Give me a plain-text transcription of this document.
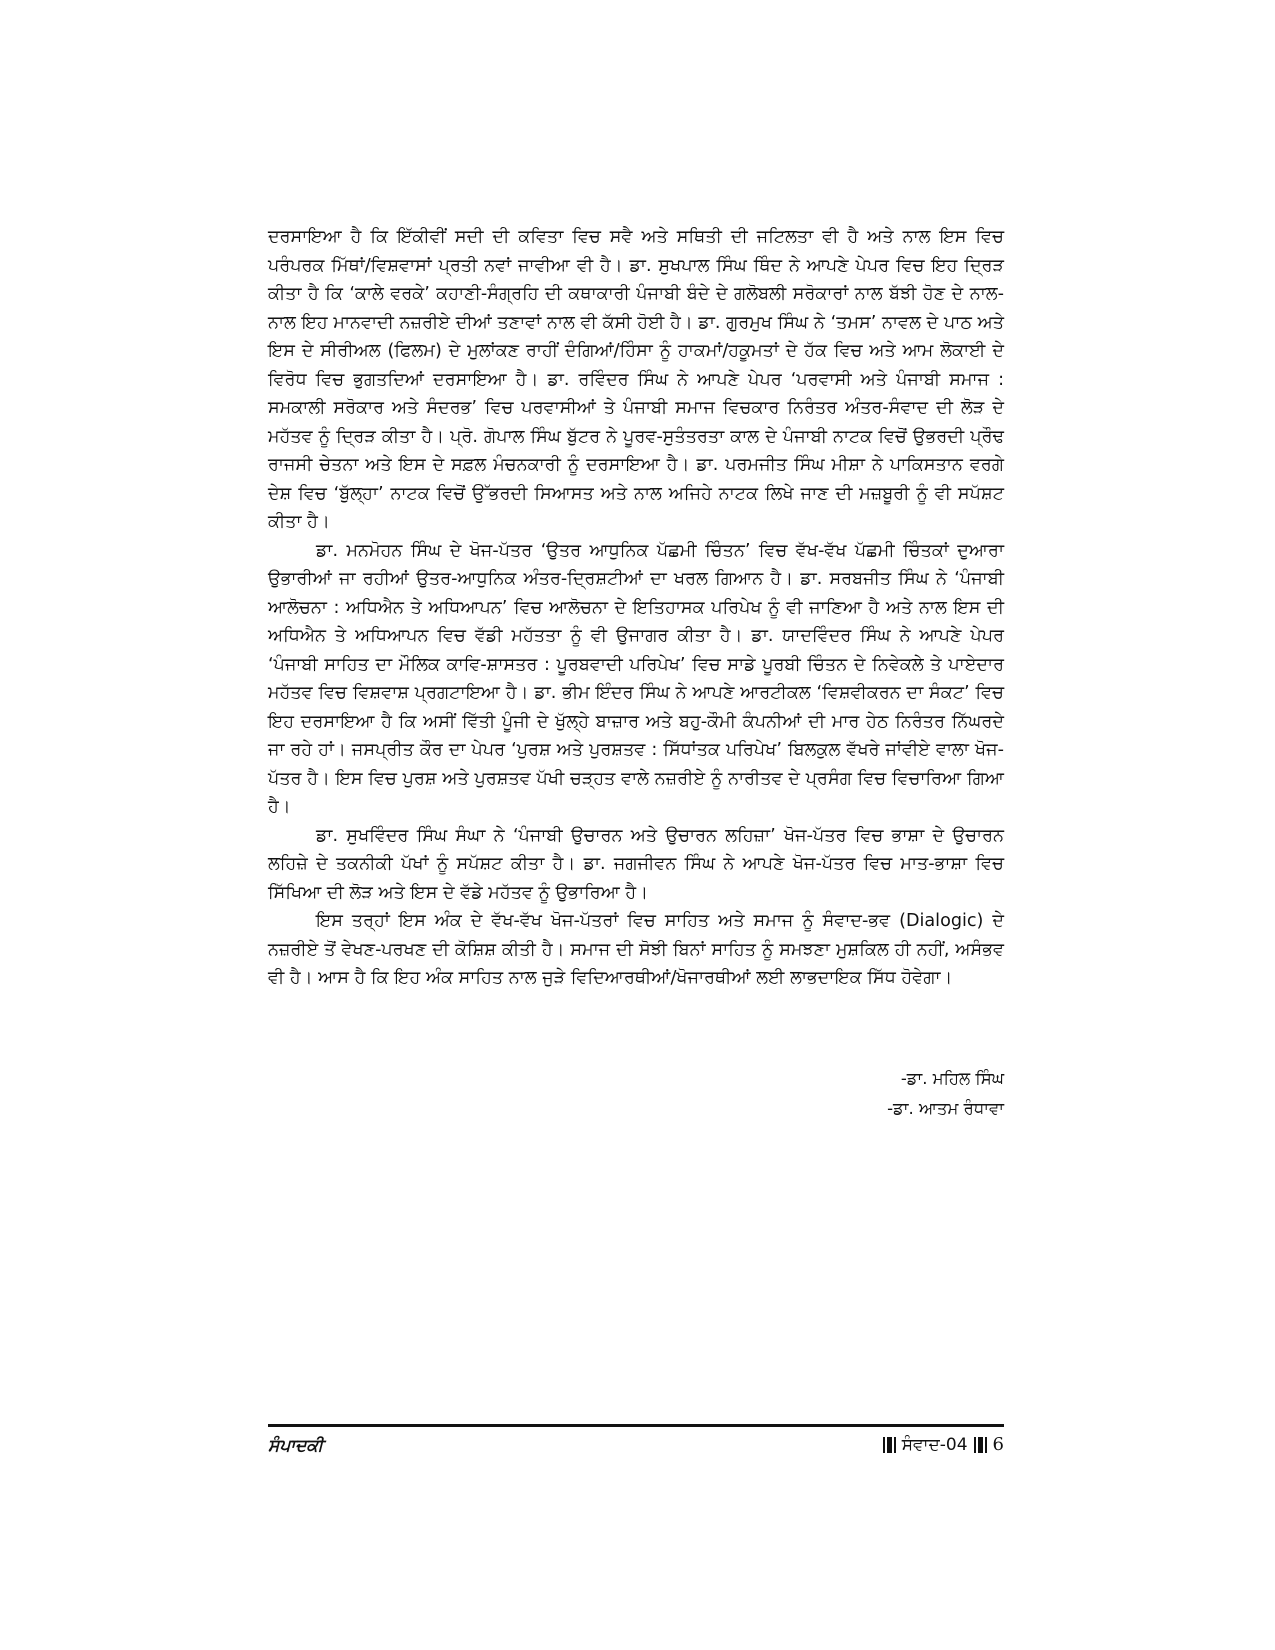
ਦਰਸਾਇਆ ਹੈ ਕਿ ਇੱਕੀਵੀਂ ਸਦੀ ਦੀ ਕਵਿਤਾ ਵਿਚ ਸਵੈ ਅਤੇ ਸਥਿਤੀ ਦੀ ਜਟਿਲਤਾ ਵੀ ਹੈ ਅਤੇ ਨਾਲ ਇਸ ਵਿਚ ਪਰੰਪਰਕ ਮਿੱਥਾਂ/ਵਿਸ਼ਵਾਸਾਂ ਪ੍ਰਤੀ ਨਵਾਂ ਜਾਵੀਆ ਵੀ ਹੈ। ਡਾ. ਸੁਖਪਾਲ ਸਿੰਘ ਥਿੰਦ ਨੇ ਆਪਣੇ ਪੇਪਰ ਵਿਚ ਇਹ ਦ੍ਰਿੜ ਕੀਤਾ ਹੈ ਕਿ ‘ਕਾਲੇ ਵਰਕੇ’ ਕਹਾਣੀ-ਸੰਗ੍ਰਹਿ ਦੀ ਕਥਾਕਾਰੀ ਪੰਜਾਬੀ ਬੰਦੇ ਦੇ ਗਲੋਬਲੀ ਸਰੋਕਾਰਾਂ ਨਾਲ ਬੱਝੀ ਹੋਣ ਦੇ ਨਾਲ-ਨਾਲ ਇਹ ਮਾਨਵਾਦੀ ਨਜ਼ਰੀਏ ਦੀਆਂ ਤਣਾਵਾਂ ਨਾਲ ਵੀ ਕੱਸੀ ਹੋਈ ਹੈ। ਡਾ. ਗੁਰਮੁਖ ਸਿੰਘ ਨੇ ‘ਤਮਸ’ ਨਾਵਲ ਦੇ ਪਾਠ ਅਤੇ ਇਸ ਦੇ ਸੀਰੀਅਲ (ਫਿਲਮ) ਦੇ ਮੁਲਾਂਕਣ ਰਾਹੀਂ ਦੰਗਿਆਂ/ਹਿੰਸਾ ਨੂੰ ਹਾਕਮਾਂ/ਹਕੂਮਤਾਂ ਦੇ ਹੱਕ ਵਿਚ ਅਤੇ ਆਮ ਲੋਕਾਈ ਦੇ ਵਿਰੋਧ ਵਿਚ ਭੁਗਤਦਿਆਂ ਦਰਸਾਇਆ ਹੈ। ਡਾ. ਰਵਿੰਦਰ ਸਿੰਘ ਨੇ ਆਪਣੇ ਪੇਪਰ ‘ਪਰਵਾਸੀ ਅਤੇ ਪੰਜਾਬੀ ਸਮਾਜ : ਸਮਕਾਲੀ ਸਰੋਕਾਰ ਅਤੇ ਸੰਦਰਭ’ ਵਿਚ ਪਰਵਾਸੀਆਂ ਤੇ ਪੰਜਾਬੀ ਸਮਾਜ ਵਿਚਕਾਰ ਨਿਰੰਤਰ ਅੰਤਰ-ਸੰਵਾਦ ਦੀ ਲੋੜ ਦੇ ਮਹੱਤਵ ਨੂੰ ਦ੍ਰਿੜ ਕੀਤਾ ਹੈ। ਪ੍ਰੋ. ਗੋਪਾਲ ਸਿੰਘ ਬੁੱਟਰ ਨੇ ਪੂਰਵ-ਸੁਤੰਤਰਤਾ ਕਾਲ ਦੇ ਪੰਜਾਬੀ ਨਾਟਕ ਵਿਚੋਂ ਉਭਰਦੀ ਪ੍ਰੌਢ ਰਾਜਸੀ ਚੇਤਨਾ ਅਤੇ ਇਸ ਦੇ ਸਫ਼ਲ ਮੰਚਨਕਾਰੀ ਨੂੰ ਦਰਸਾਇਆ ਹੈ। ਡਾ. ਪਰਮਜੀਤ ਸਿੰਘ ਮੀਸ਼ਾ ਨੇ ਪਾਕਿਸਤਾਨ ਵਰਗੇ ਦੇਸ਼ ਵਿਚ ‘ਬੁੱਲ੍ਹਾ’ ਨਾਟਕ ਵਿਚੋਂ ਉੱਭਰਦੀ ਸਿਆਸਤ ਅਤੇ ਨਾਲ ਅਜਿਹੇ ਨਾਟਕ ਲਿਖੇ ਜਾਣ ਦੀ ਮਜ਼ਬੂਰੀ ਨੂੰ ਵੀ ਸਪੱਸ਼ਟ ਕੀਤਾ ਹੈ।

ਡਾ. ਮਨਮੋਹਨ ਸਿੰਘ ਦੇ ਖੋਜ-ਪੱਤਰ ‘ਉਤਰ ਆਧੁਨਿਕ ਪੱਛਮੀ ਚਿੰਤਨ’ ਵਿਚ ਵੱਖ-ਵੱਖ ਪੱਛਮੀ ਚਿੰਤਕਾਂ ਦੁਆਰਾ ਉਭਾਰੀਆਂ ਜਾ ਰਹੀਆਂ ਉਤਰ-ਆਧੁਨਿਕ ਅੰਤਰ-ਦ੍ਰਿਸ਼ਟੀਆਂ ਦਾ ਖਰਲ ਗਿਆਨ ਹੈ। ਡਾ. ਸਰਬਜੀਤ ਸਿੰਘ ਨੇ ‘ਪੰਜਾਬੀ ਆਲੋਚਨਾ : ਅਧਿਐਨ ਤੇ ਅਧਿਆਪਨ’ ਵਿਚ ਆਲੋਚਨਾ ਦੇ ਇਤਿਹਾਸਕ ਪਰਿਪੇਖ ਨੂੰ ਵੀ ਜਾਣਿਆ ਹੈ ਅਤੇ ਨਾਲ ਇਸ ਦੀ ਅਧਿਐਨ ਤੇ ਅਧਿਆਪਨ ਵਿਚ ਵੱਡੀ ਮਹੱਤਤਾ ਨੂੰ ਵੀ ਉਜਾਗਰ ਕੀਤਾ ਹੈ। ਡਾ. ਯਾਦਵਿੰਦਰ ਸਿੰਘ ਨੇ ਆਪਣੇ ਪੇਪਰ ‘ਪੰਜਾਬੀ ਸਾਹਿਤ ਦਾ ਮੌਲਿਕ ਕਾਵਿ-ਸ਼ਾਸਤਰ : ਪੂਰਬਵਾਦੀ ਪਰਿਪੇਖ’ ਵਿਚ ਸਾਡੇ ਪੂਰਬੀ ਚਿੰਤਨ ਦੇ ਨਿਵੇਕਲੇ ਤੇ ਪਾਏਦਾਰ ਮਹੱਤਵ ਵਿਚ ਵਿਸ਼ਵਾਸ਼ ਪ੍ਰਗਟਾਇਆ ਹੈ। ਡਾ. ਭੀਮ ਇੰਦਰ ਸਿੰਘ ਨੇ ਆਪਣੇ ਆਰਟੀਕਲ ‘ਵਿਸ਼ਵੀਕਰਨ ਦਾ ਸੰਕਟ’ ਵਿਚ ਇਹ ਦਰਸਾਇਆ ਹੈ ਕਿ ਅਸੀਂ ਵਿੱਤੀ ਪੂੰਜੀ ਦੇ ਖੁੱਲ੍ਹੇ ਬਾਜ਼ਾਰ ਅਤੇ ਬਹੁ-ਕੌਮੀ ਕੰਪਨੀਆਂ ਦੀ ਮਾਰ ਹੇਠ ਨਿਰੰਤਰ ਨਿੱਘਰਦੇ ਜਾ ਰਹੇ ਹਾਂ। ਜਸਪ੍ਰੀਤ ਕੌਰ ਦਾ ਪੇਪਰ ‘ਪੁਰਸ਼ ਅਤੇ ਪੁਰਸ਼ਤਵ : ਸਿੱਧਾਂਤਕ ਪਰਿਪੇਖ’ ਬਿਲਕੁਲ ਵੱਖਰੇ ਜਾਂਵੀਏ ਵਾਲਾ ਖੋਜ-ਪੱਤਰ ਹੈ। ਇਸ ਵਿਚ ਪੁਰਸ਼ ਅਤੇ ਪੁਰਸ਼ਤਵ ਪੱਖੀ ਚੜ੍ਹਤ ਵਾਲੇ ਨਜ਼ਰੀਏ ਨੂੰ ਨਾਰੀਤਵ ਦੇ ਪ੍ਰਸੰਗ ਵਿਚ ਵਿਚਾਰਿਆ ਗਿਆ ਹੈ।

ਡਾ. ਸੁਖਵਿੰਦਰ ਸਿੰਘ ਸੰਘਾ ਨੇ ‘ਪੰਜਾਬੀ ਉਚਾਰਨ ਅਤੇ ਉਚਾਰਨ ਲਹਿਜ਼ਾ’ ਖੋਜ-ਪੱਤਰ ਵਿਚ ਭਾਸ਼ਾ ਦੇ ਉਚਾਰਨ ਲਹਿਜ਼ੇ ਦੇ ਤਕਨੀਕੀ ਪੱਖਾਂ ਨੂੰ ਸਪੱਸ਼ਟ ਕੀਤਾ ਹੈ। ਡਾ. ਜਗਜੀਵਨ ਸਿੰਘ ਨੇ ਆਪਣੇ ਖੋਜ-ਪੱਤਰ ਵਿਚ ਮਾਤ-ਭਾਸ਼ਾ ਵਿਚ ਸਿੱਖਿਆ ਦੀ ਲੋੜ ਅਤੇ ਇਸ ਦੇ ਵੱਡੇ ਮਹੱਤਵ ਨੂੰ ਉਭਾਰਿਆ ਹੈ।

ਇਸ ਤਰ੍ਹਾਂ ਇਸ ਅੰਕ ਦੇ ਵੱਖ-ਵੱਖ ਖੋਜ-ਪੱਤਰਾਂ ਵਿਚ ਸਾਹਿਤ ਅਤੇ ਸਮਾਜ ਨੂੰ ਸੰਵਾਦ-ਭਵ (Dialogic) ਦੇ ਨਜ਼ਰੀਏ ਤੋਂ ਵੇਖਣ-ਪਰਖਣ ਦੀ ਕੋਸ਼ਿਸ਼ ਕੀਤੀ ਹੈ। ਸਮਾਜ ਦੀ ਸੋਝੀ ਬਿਨਾਂ ਸਾਹਿਤ ਨੂੰ ਸਮਝਣਾ ਮੁਸ਼ਕਿਲ ਹੀ ਨਹੀਂ, ਅਸੰਭਵ ਵੀ ਹੈ। ਆਸ ਹੈ ਕਿ ਇਹ ਅੰਕ ਸਾਹਿਤ ਨਾਲ ਜੁੜੇ ਵਿਦਿਆਰਥੀਆਂ/ਖੋਜਾਰਥੀਆਂ ਲਈ ਲਾਭਦਾਇਕ ਸਿੱਧ ਹੋਵੇਗਾ।

-ਡਾ. ਮਹਿਲ ਸਿੰਘ
-ਡਾ. ਆਤਮ ਰੰਧਾਵਾ
ਸੰਪਾਦਕੀ	ਸੰਵਾਦ-04 6
